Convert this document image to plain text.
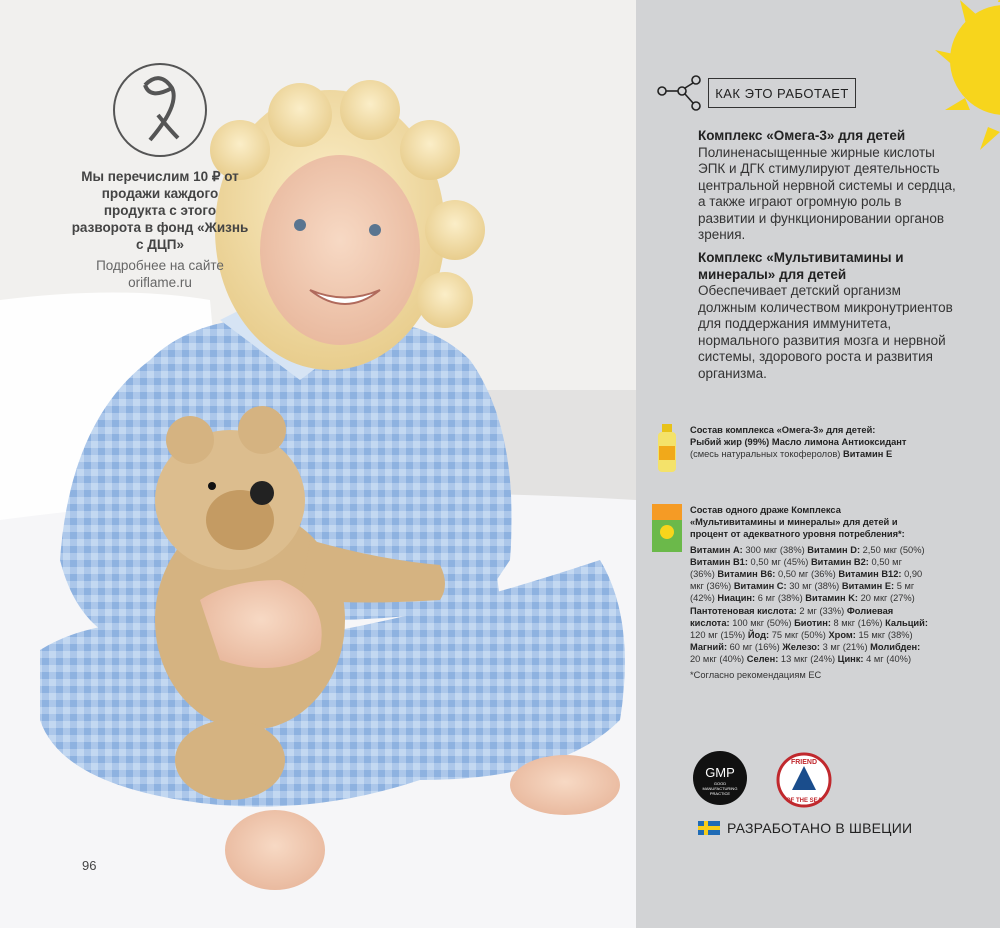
Мы перечислим 10 ₽ от продажи каждого продукта с этого разворота в фонд «Жизнь с ДЦП»
Подробнее на сайте oriflame.ru
96
КАК ЭТО РАБОТАЕТ
Комплекс «Омега-3» для детей
Полиненасыщенные жирные кислоты ЭПК и ДГК стимулируют деятельность центральной нервной системы и сердца, а также играют огромную роль в развитии и функционировании органов зрения.
Комплекс «Мультивитамины и минералы» для детей
Обеспечивает детский организм должным количеством микронутриентов для поддержания иммунитета, нормального развития мозга и нервной системы, здорового роста и развития организма.
Состав комплекса «Омега-3» для детей:
Рыбий жир (99%) Масло лимона Антиоксидант
(смесь натуральных токоферолов) Витамин Е
Состав одного драже Комплекса «Мультивитамины и минералы» для детей и процент от адекватного уровня потребления*:
Витамин A: 300 мкг (38%) Витамин D: 2,50 мкг (50%) Витамин B1: 0,50 мг (45%) Витамин B2: 0,50 мг (36%) Витамин B6: 0,50 мг (36%) Витамин B12: 0,90 мкг (36%) Витамин С: 30 мг (38%) Витамин E: 5 мг (42%) Ниацин: 6 мг (38%) Витамин K: 20 мкг (27%) Пантотеновая кислота: 2 мг (33%) Фолиевая кислота: 100 мкг (50%) Биотин: 8 мкг (16%) Кальций: 120 мг (15%) Йод: 75 мкг (50%) Хром: 15 мкг (38%) Магний: 60 мг (16%) Железо: 3 мг (21%) Молибден: 20 мкг (40%) Селен: 13 мкг (24%) Цинк: 4 мг (40%)
*Согласно рекомендациям ЕС
GMP
GOOD
MANUFACTURING
PRACTICE
FRIEND
OF THE SEA
РАЗРАБОТАНО В ШВЕЦИИ
